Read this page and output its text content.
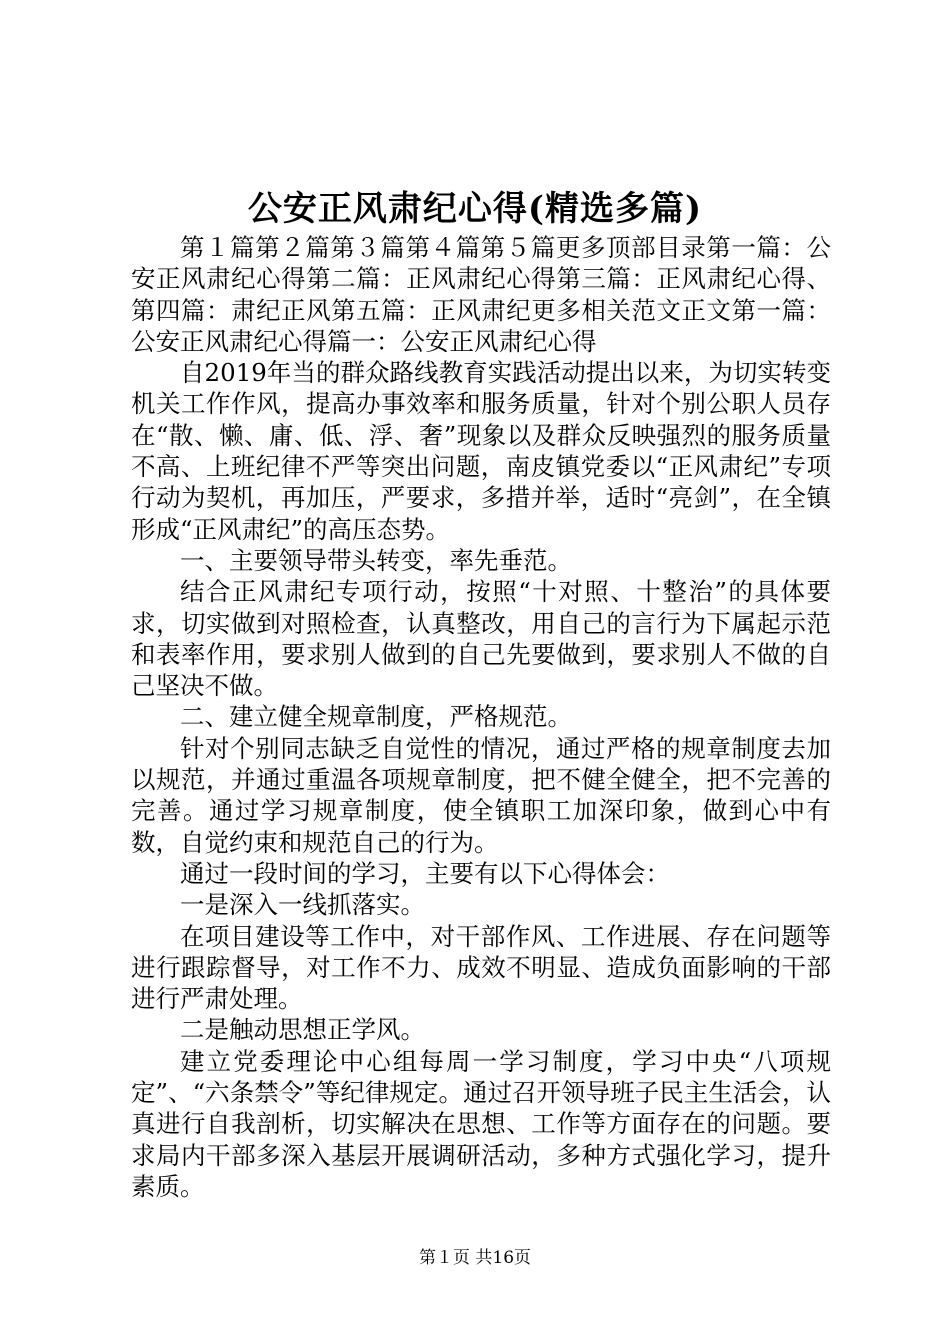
公安正风肃纪心得(精选多篇)

第１篇第２篇第３篇第４篇第５篇更多顶部目录第一篇：公安正风肃纪心得第二篇：正风肃纪心得第三篇：正风肃纪心得、第四篇：肃纪正风第五篇：正风肃纪更多相关范文正文第一篇：公安正风肃纪心得篇一：公安正风肃纪心得

自2019年当的群众路线教育实践活动提出以来，为切实转变机关工作作风，提高办事效率和服务质量，针对个别公职人员存在“散、懒、庸、低、浮、奢”现象以及群众反映强烈的服务质量不高、上班纪律不严等突出问题，南皮镇党委以“正风肃纪”专项行动为契机，再加压，严要求，多措并举，适时“亮剑”，在全镇形成“正风肃纪”的高压态势。

一、主要领导带头转变，率先垂范。

结合正风肃纪专项行动，按照“十对照、十整治”的具体要求，切实做到对照检查，认真整改，用自己的言行为下属起示范和表率作用，要求别人做到的自己先要做到，要求别人不做的自己坚决不做。

二、建立健全规章制度，严格规范。

针对个别同志缺乏自觉性的情况，通过严格的规章制度去加以规范，并通过重温各项规章制度，把不健全健全，把不完善的完善。通过学习规章制度，使全镇职工加深印象，做到心中有数，自觉约束和规范自己的行为。

通过一段时间的学习，主要有以下心得体会：

一是深入一线抓落实。

在项目建设等工作中，对干部作风、工作进展、存在问题等进行跟踪督导，对工作不力、成效不明显、造成负面影响的干部进行严肃处理。

二是触动思想正学风。

建立党委理论中心组每周一学习制度，学习中央“八项规定”、“六条禁令”等纪律规定。通过召开领导班子民主生活会，认真进行自我剖析，切实解决在思想、工作等方面存在的问题。要求局内干部多深入基层开展调研活动，多种方式强化学习，提升素质。

第１页 共16页
